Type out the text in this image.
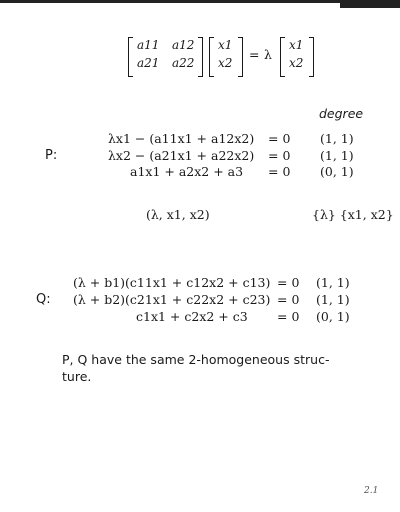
a11 a12
a21 a22
x1
x2
= λ
x1
x2
degree
P:
λx1 − (a11x1 + a12x2) = 0 (1, 1)
λx2 − (a21x1 + a22x2) = 0 (1, 1)
a1x1 + a2x2 + a3 = 0 (0, 1)
(λ, x1, x2)	{λ} {x1, x2}
Q:
(λ + b1)(c11x1 + c12x2 + c13) = 0 (1, 1)
(λ + b2)(c21x1 + c22x2 + c23) = 0 (1, 1)
c1x1 + c2x2 + c3 = 0 (0, 1)
P, Q have the same 2-homogeneous struc-
ture.
2.1
